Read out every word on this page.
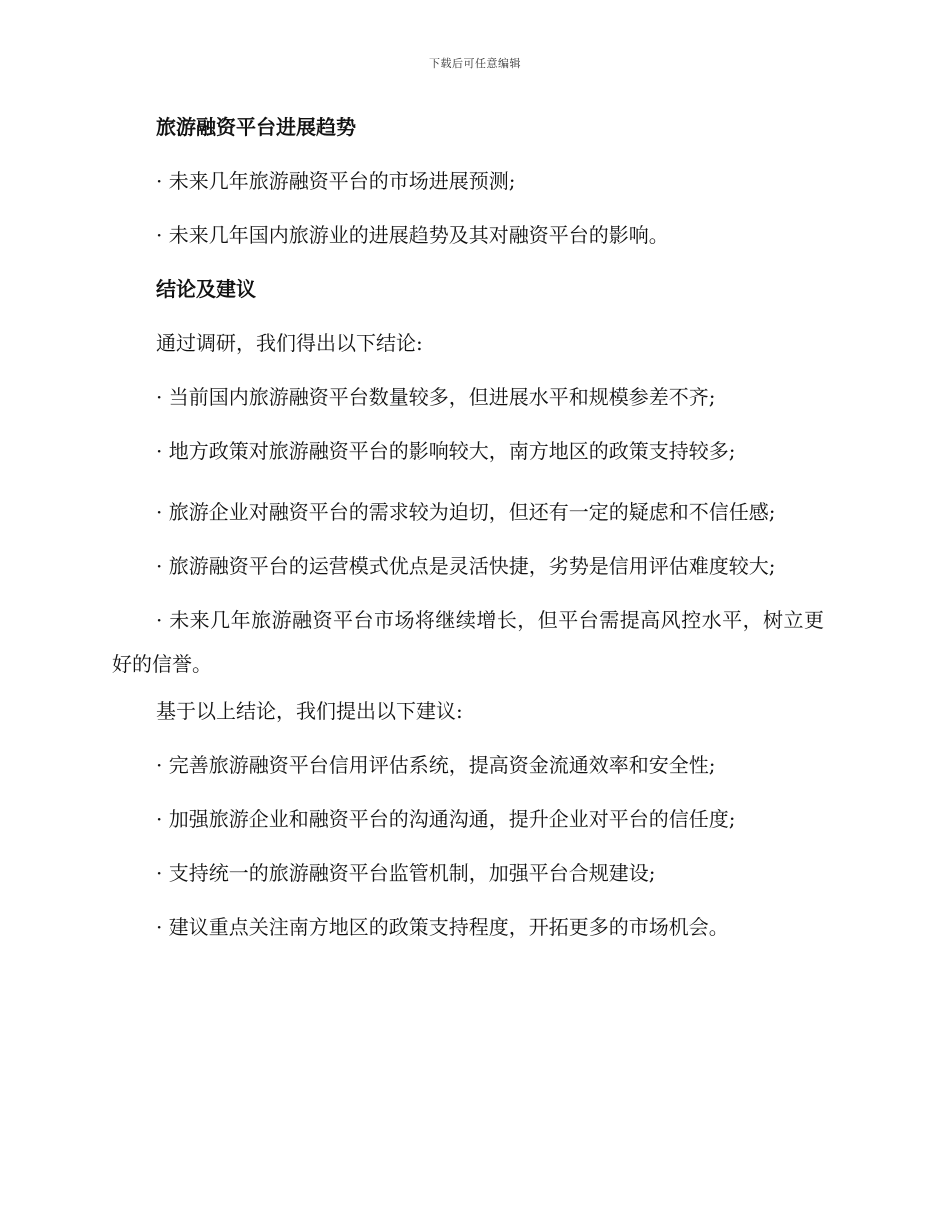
下载后可任意编辑
旅游融资平台进展趋势

· 未来几年旅游融资平台的市场进展预测;

· 未来几年国内旅游业的进展趋势及其对融资平台的影响。

结论及建议

通过调研，我们得出以下结论:

· 当前国内旅游融资平台数量较多，但进展水平和规模参差不齐;

· 地方政策对旅游融资平台的影响较大，南方地区的政策支持较多;

· 旅游企业对融资平台的需求较为迫切，但还有一定的疑虑和不信任感;

· 旅游融资平台的运营模式优点是灵活快捷，劣势是信用评估难度较大;

· 未来几年旅游融资平台市场将继续增长，但平台需提高风控水平，树立更好的信誉。

基于以上结论，我们提出以下建议:

· 完善旅游融资平台信用评估系统，提高资金流通效率和安全性;

· 加强旅游企业和融资平台的沟通沟通，提升企业对平台的信任度;

· 支持统一的旅游融资平台监管机制，加强平台合规建设;

· 建议重点关注南方地区的政策支持程度，开拓更多的市场机会。
